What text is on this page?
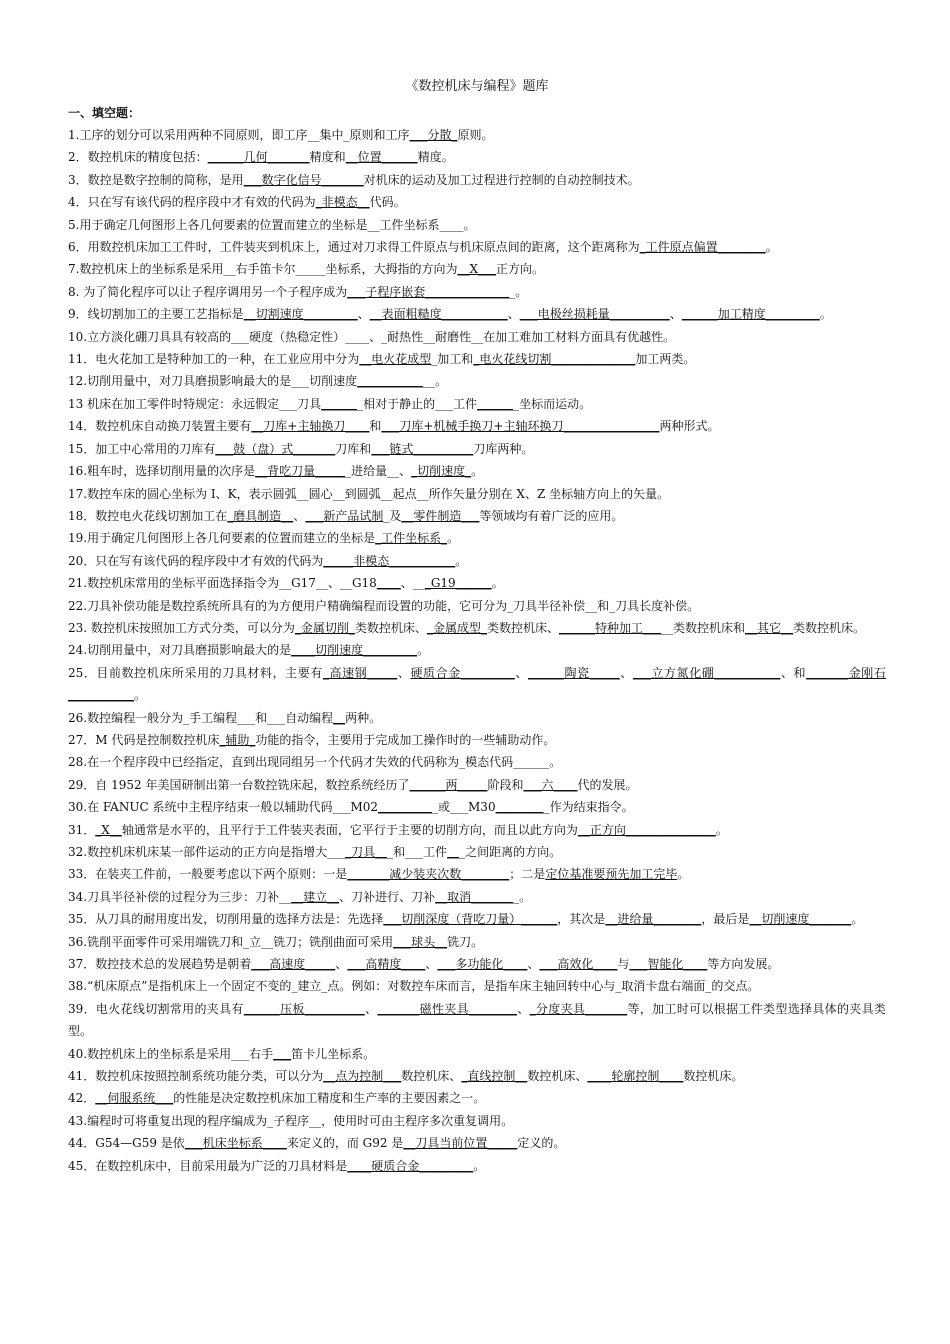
《数控机床与编程》题库
一、填空题：
1.工序的划分可以采用两种不同原则，即工序__集中_原则和工序___分散_原则。
2．数控机床的精度包括：______几何_______精度和__位置______精度。
3．数控是数字控制的简称，是用___数字化信号_______对机床的运动及加工过程进行控制的自动控制技术。
4．只在写有该代码的程序段中才有效的代码为_非模态__代码。
5.用于确定几何图形上各几何要素的位置而建立的坐标是__工件坐标系____。
6．用数控机床加工工件时，工件装夹到机床上，通过对刀求得工件原点与机床原点间的距离，这个距离称为_工件原点偏置________。
7.数控机床上的坐标系是采用__右手笛卡尔_____坐标系，大拇指的方向为__X___正方向。
8. 为了简化程序可以让子程序调用另一个子程序成为___子程序嵌套_______________。
9．线切割加工的主要工艺指标是__切割速度_________、__表面粗糙度___________、___电极丝损耗量__________、______加工精度_________。
10.立方淡化硼刀具具有较高的___硬度（热稳定性）____、_耐热性__耐磨性__在加工难加工材料方面具有优越性。
11．电火花加工是特种加工的一种，在工业应用中分为__电火花成型_加工和_电火花线切割______________加工两类。
12.切削用量中，对刀具磨损影响最大的是___切削速度_____________。
13 机床在加工零件时特规定：永远假定___刀具_______相对于静止的___工件_______坐标而运动。
14．数控机床自动换刀装置主要有__刀库+主轴换刀____和___刀库+机械手换刀+主轴环换刀________________两种形式。
15．加工中心常用的刀库有___鼓（盘）式_______刀库和___链式__________刀库两种。
16.粗车时，选择切削用量的次序是__背吃刀量______进给量__、_切削速度_。
17.数控车床的圆心坐标为 I、K，表示圆弧__圆心__到圆弧__起点__所作矢量分别在 X、Z 坐标轴方向上的矢量。
18．数控电火花线切割加工在_磨具制造__、___新产品试制_及__零件制造___等领域均有着广泛的应用。
19.用于确定几何图形上各几何要素的位置而建立的坐标是_工件坐标系_。
20．只在写有该代码的程序段中才有效的代码为_____非模态___________。
21.数控机床常用的坐标平面选择指令为__G17__、__G18____、___G19______。
22.刀具补偿功能是数控系统所具有的为方便用户精确编程而设置的功能，它可分为_刀具半径补偿__和_刀具长度补偿。
23. 数控机床按照加工方式分类，可以分为_金属切削_类数控机床、_金属成型_类数控机床、______特种加工_____类数控机床和__其它__类数控机床。
24.切削用量中，对刀具磨损影响最大的是____切削速度_________。
25．目前数控机床所采用的刀具材料，主要有_高速钢_____、硬质合金_________、______陶瓷_____、___立方氮化硼___________、和_______金刚石___________。
26.数控编程一般分为_手工编程___和___自动编程__两种。
27．M 代码是控制数控机床_辅助_功能的指令，主要用于完成加工操作时的一些辅助动作。
28.在一个程序段中已经指定，直到出现同组另一个代码才失效的代码称为_模态代码______。
29．自 1952 年美国研制出第一台数控铣床起，数控系统经历了______两_____阶段和___六____代的发展。
30.在 FANUC 系统中主程序结束一般以辅助代码___M02__________或___M30_________作为结束指令。
31．_X__轴通常是水平的，且平行于工件装夹表面，它平行于主要的切削方向，而且以此方向为__正方向_______________。
32.数控机床机床某一部件运动的正方向是指增大____刀具___和___工件___之间距离的方向。
33．在装夹工件前，一般要考虑以下两个原则：一是_______减少装夹次数________；二是定位基准要预先加工完毕。
34.刀具半径补偿的过程分为三步：刀补____建立__、刀补进行、刀补__取消________。
35．从刀具的耐用度出发，切削用量的选择方法是：先选择___切削深度（背吃刀量）______，其次是__进给量________，最后是__切削速度_______。
36.铣削平面零件可采用端铣刀和_立__铣刀；铣削曲面可采用___球头__铣刀。
37．数控技术总的发展趋势是朝着___高速度_____、___高精度____、___多功能化____、___高效化____与___智能化____等方向发展。
38.“机床原点”是指机床上一个固定不变的_建立_点。例如：对数控车床而言，是指车床主轴回转中心与_取消卡盘右端面_的交点。
39．电火花线切割常用的夹具有______压板__________、_______磁性夹具________、_分度夹具_______等，加工时可以根据工件类型选择具体的夹具类型。
40.数控机床上的坐标系是采用___右手___笛卡儿坐标系。
41．数控机床按照控制系统功能分类，可以分为__点为控制___数控机床、_直线控制__数控机床、____轮廓控制____数控机床。
42．__伺服系统___的性能是决定数控机床加工精度和生产率的主要因素之一。
43.编程时可将重复出现的程序编成为_子程序__，使用时可由主程序多次重复调用。
44．G54—G59 是依___机床坐标系____来定义的，而 G92 是__刀具当前位置_____定义的。
45．在数控机床中，目前采用最为广泛的刀具材料是____硬质合金_________。
